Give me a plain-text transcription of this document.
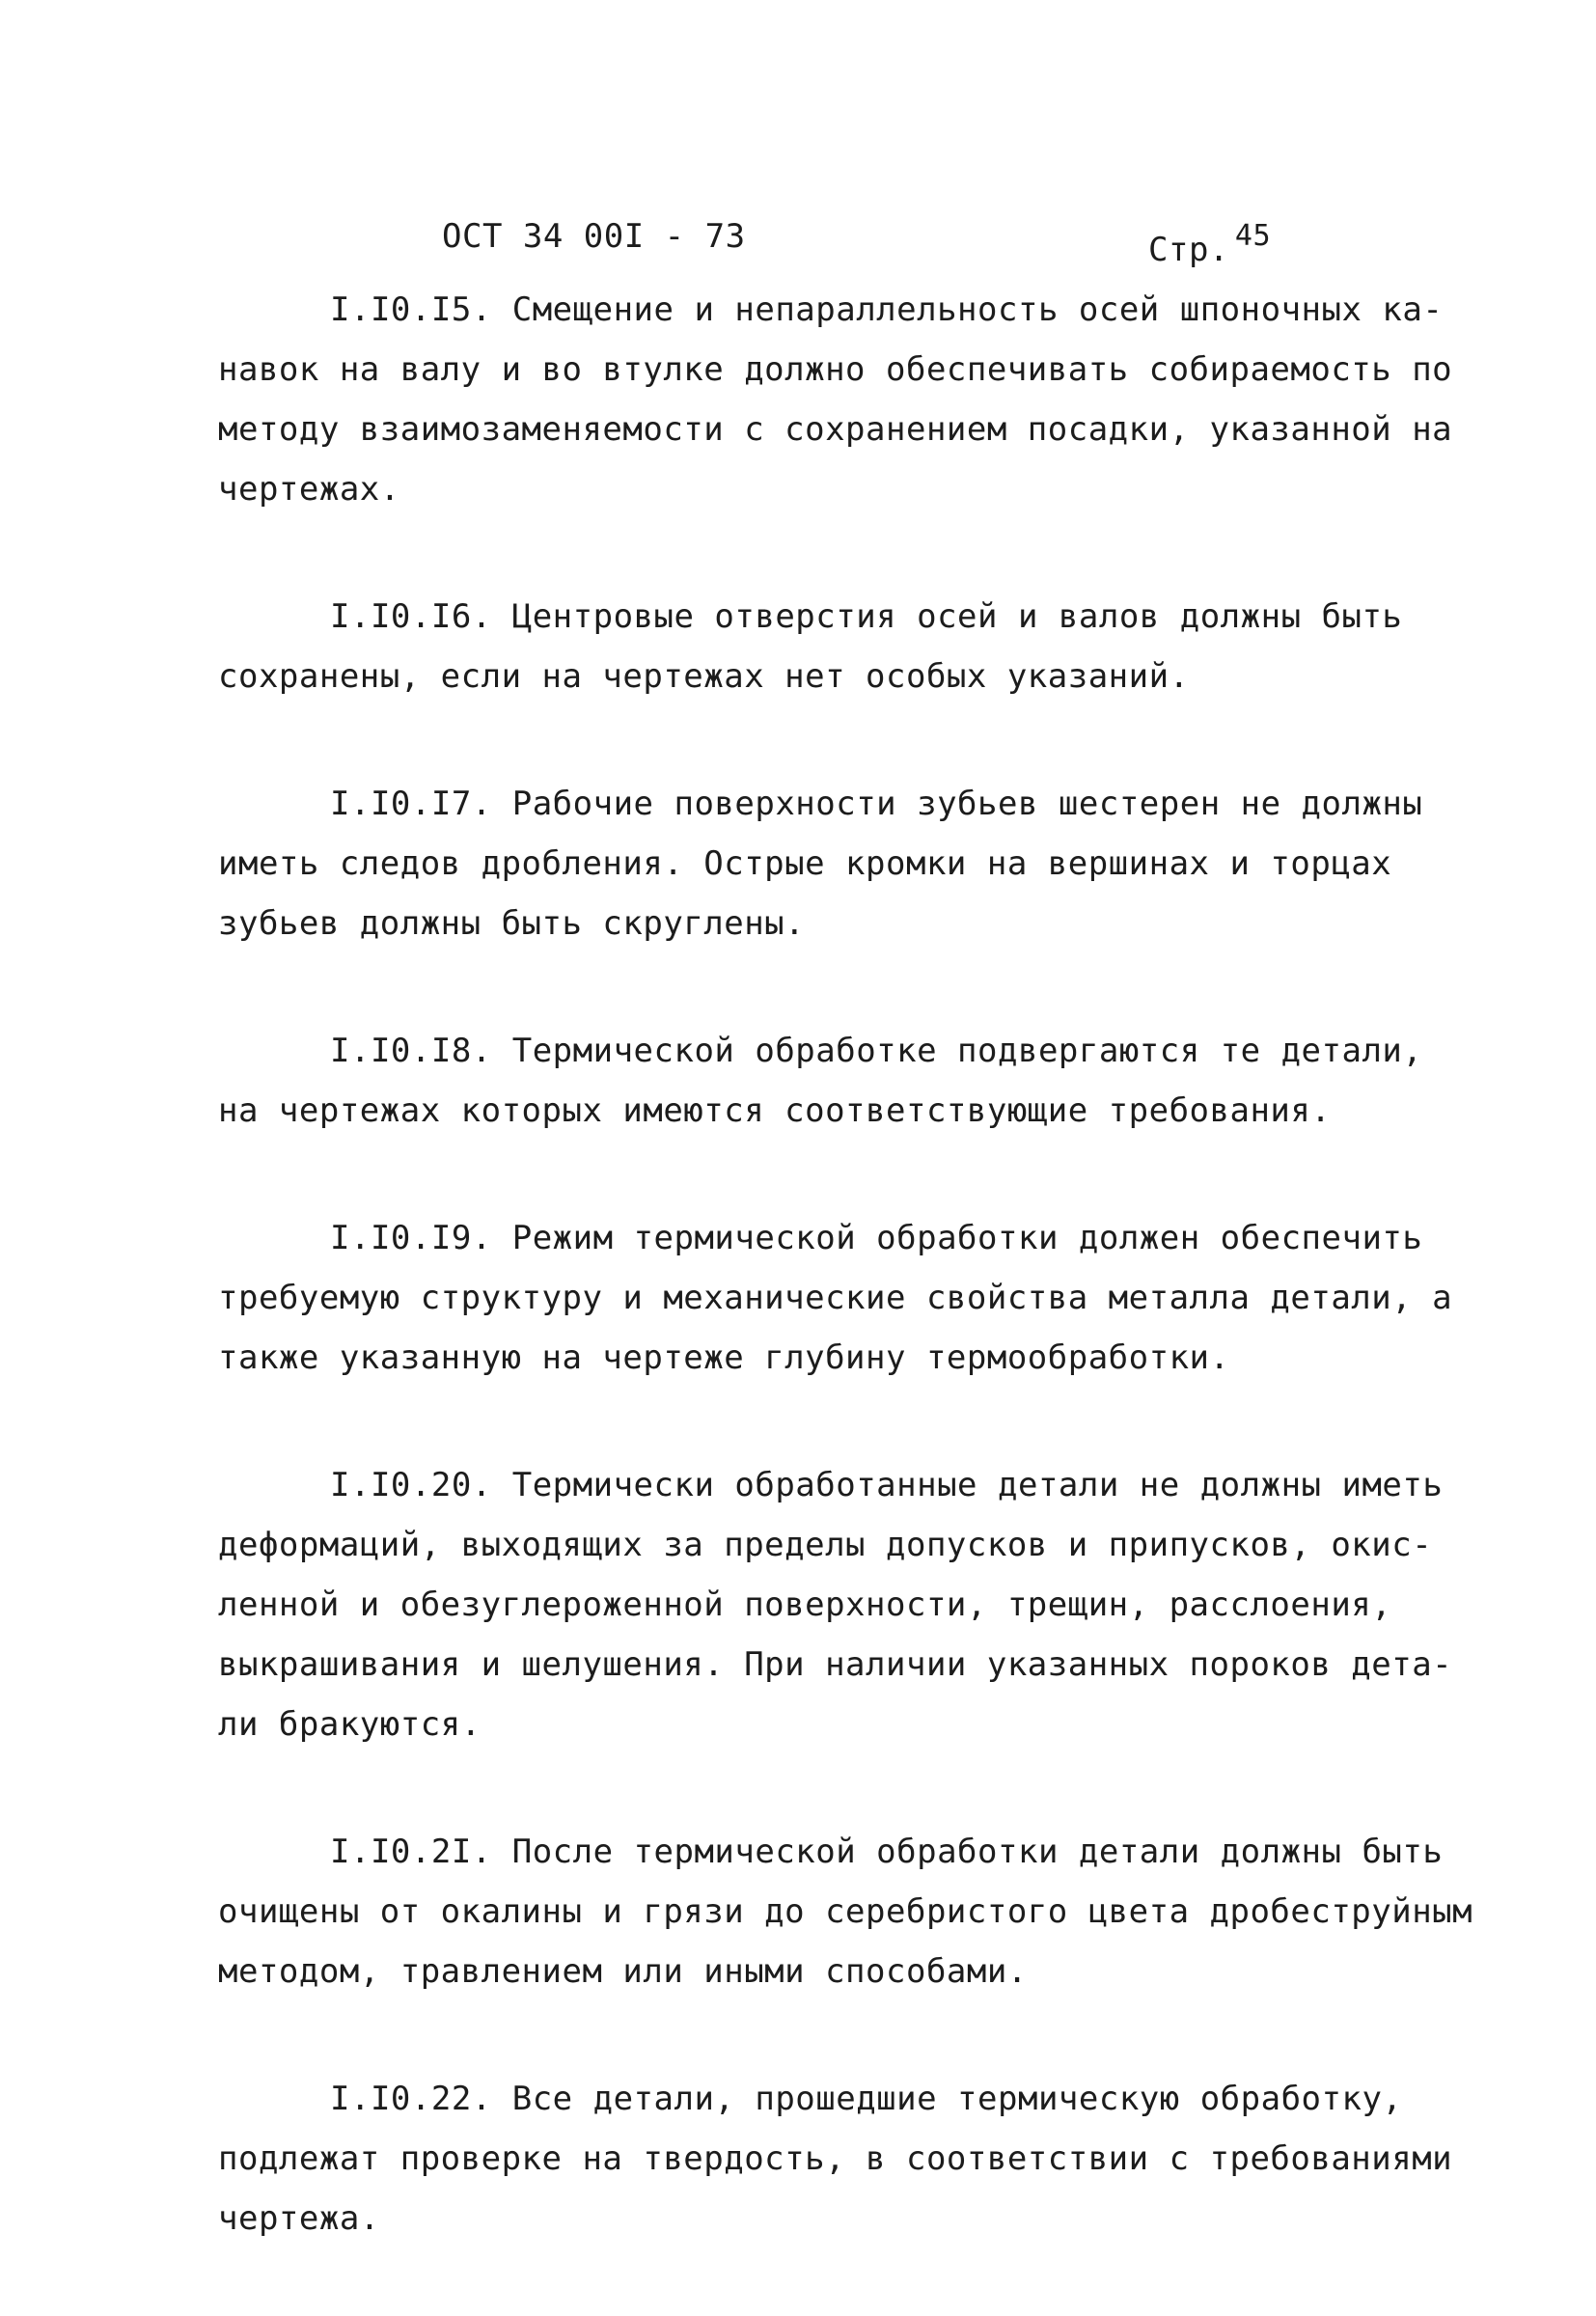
ОСТ 34 00I - 73	Стр. $^{45}$
I.I0.I5. Смещение и непараллельность осей шпоночных ка-
навок на валу и во втулке должно обеспечивать собираемость по
методу взаимозаменяемости с сохранением посадки, указанной на
чертежах.
I.I0.I6. Центровые отверстия осей и валов должны быть
сохранены, если на чертежах нет особых указаний.
I.I0.I7. Рабочие поверхности зубьев шестерен не должны
иметь следов дробления. Острые кромки на вершинах и торцах
зубьев должны быть скруглены.
I.I0.I8. Термической обработке подвергаются те детали,
на чертежах которых имеются соответствующие требования.
I.I0.I9. Режим термической обработки должен обеспечить
требуемую структуру и механические свойства металла детали, а
также указанную на чертеже глубину термообработки.
I.I0.20. Термически обработанные детали не должны иметь
деформаций, выходящих за пределы допусков и припусков, окис-
ленной и обезуглероженной поверхности, трещин, расслоения,
выкрашивания и шелушения. При наличии указанных пороков дета-
ли бракуются.
I.I0.2I. После термической обработки детали должны быть
очищены от окалины и грязи до серебристого цвета дробеструйным
методом, травлением или иными способами.
I.I0.22. Все детали, прошедшие термическую обработку,
подлежат проверке на твердость, в соответствии с требованиями
чертежа.
